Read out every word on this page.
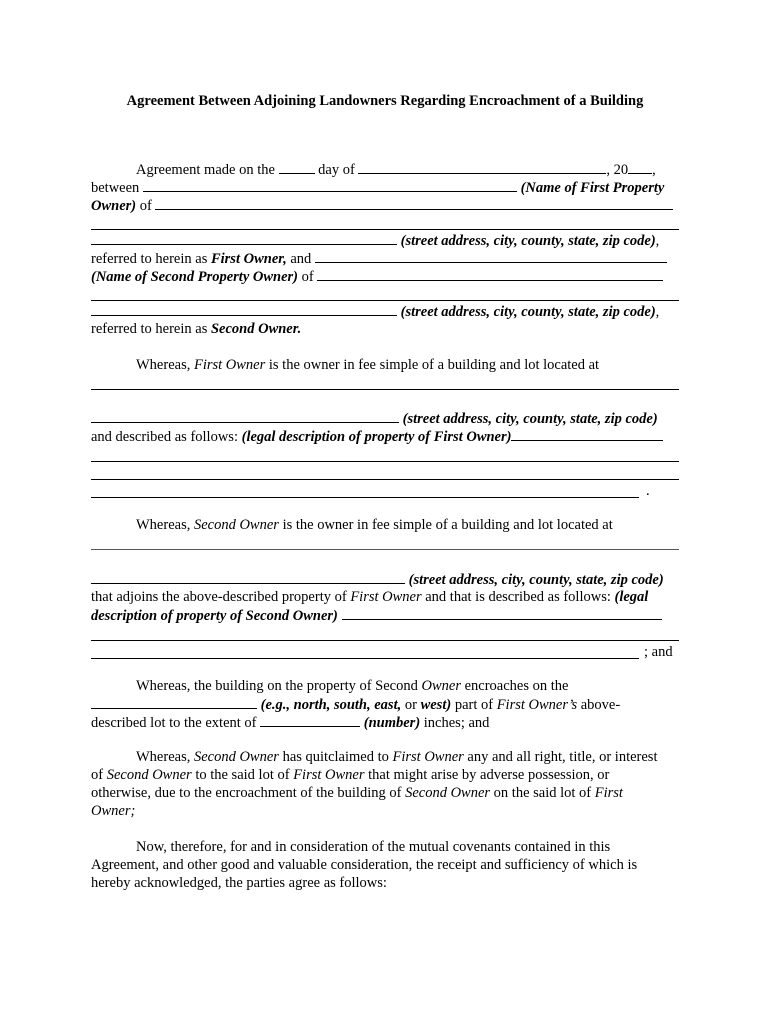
Agreement Between Adjoining Landowners Regarding Encroachment of a Building
Agreement made on the	day of	, 20 ,
between	(Name of First Property
Owner) of
(street address, city, county, state, zip code),
referred to herein as First Owner, and
(Name of Second Property Owner) of
(street address, city, county, state, zip code),
referred to herein as Second Owner.
Whereas, First Owner is the owner in fee simple of a building and lot located at
(street address, city, county, state, zip code)
and described as follows: (legal description of property of First Owner)
.
Whereas, Second Owner is the owner in fee simple of a building and lot located at
(street address, city, county, state, zip code)
that adjoins the above-described property of First Owner and that is described as follows: (legal
description of property of Second Owner)
; and
Whereas, the building on the property of Second Owner encroaches on the
(e.g., north, south, east, or west) part of First Owner’s above-
described lot to the extent of	(number) inches; and
Whereas, Second Owner has quitclaimed to First Owner any and all right, title, or interest
of Second Owner to the said lot of First Owner that might arise by adverse possession, or
otherwise, due to the encroachment of the building of Second Owner on the said lot of First
Owner;
Now, therefore, for and in consideration of the mutual covenants contained in this
Agreement, and other good and valuable consideration, the receipt and sufficiency of which is
hereby acknowledged, the parties agree as follows:
